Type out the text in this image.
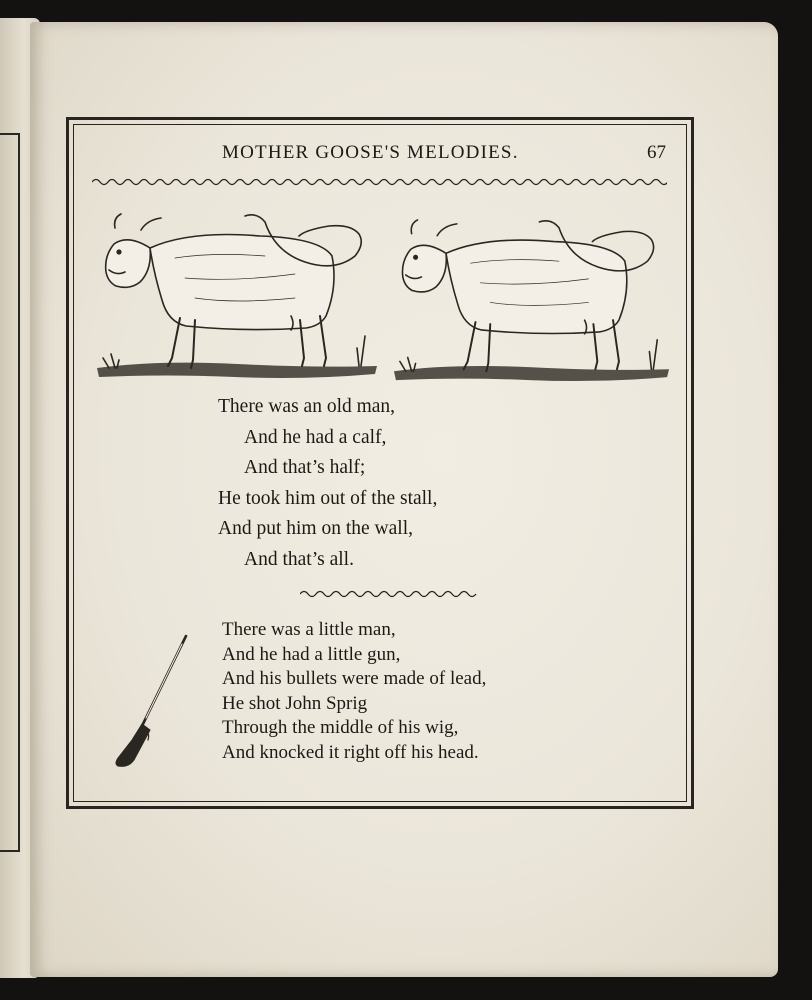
MOTHER GOOSE'S MELODIES.	67
There was an old man,
And he had a calf,
And that’s half;
He took him out of the stall,
And put him on the wall,
And that’s all.
There was a little man,
And he had a little gun,
And his bullets were made of lead,
He shot John Sprig
Through the middle of his wig,
And knocked it right off his head.
